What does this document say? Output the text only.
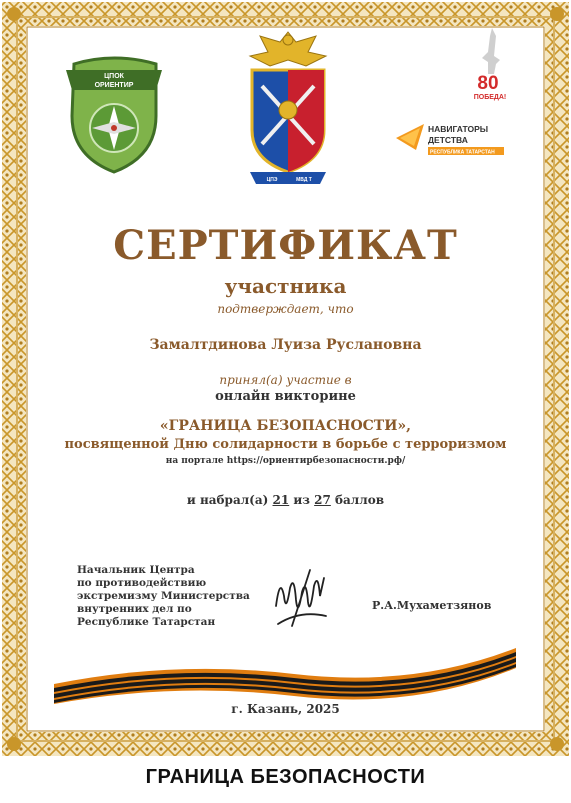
ЦПОК
ОРИЕНТИР
ЦПЭ	МВД Т
80
ПОБЕДА!
НАВИГАТОРЫ
ДЕТСТВА
РЕСПУБЛИКА ТАТАРСТАН
СЕРТИФИКАТ
участника
подтверждает, что
Замалтдинова Луиза Руслановна
принял(а) участие в
онлайн викторине
«ГРАНИЦА БЕЗОПАСНОСТИ»,
посвященной Дню солидарности в борьбе с терроризмом
на портале https://ориентирбезопасности.рф/
и набрал(а) 21 из 27 баллов
Начальник Центра
по противодействию
экстремизму Министерства
внутренних дел по
Республике Татарстан
Р.А.Мухаметзянов
г. Казань, 2025
ГРАНИЦА БЕЗОПАСНОСТИ
